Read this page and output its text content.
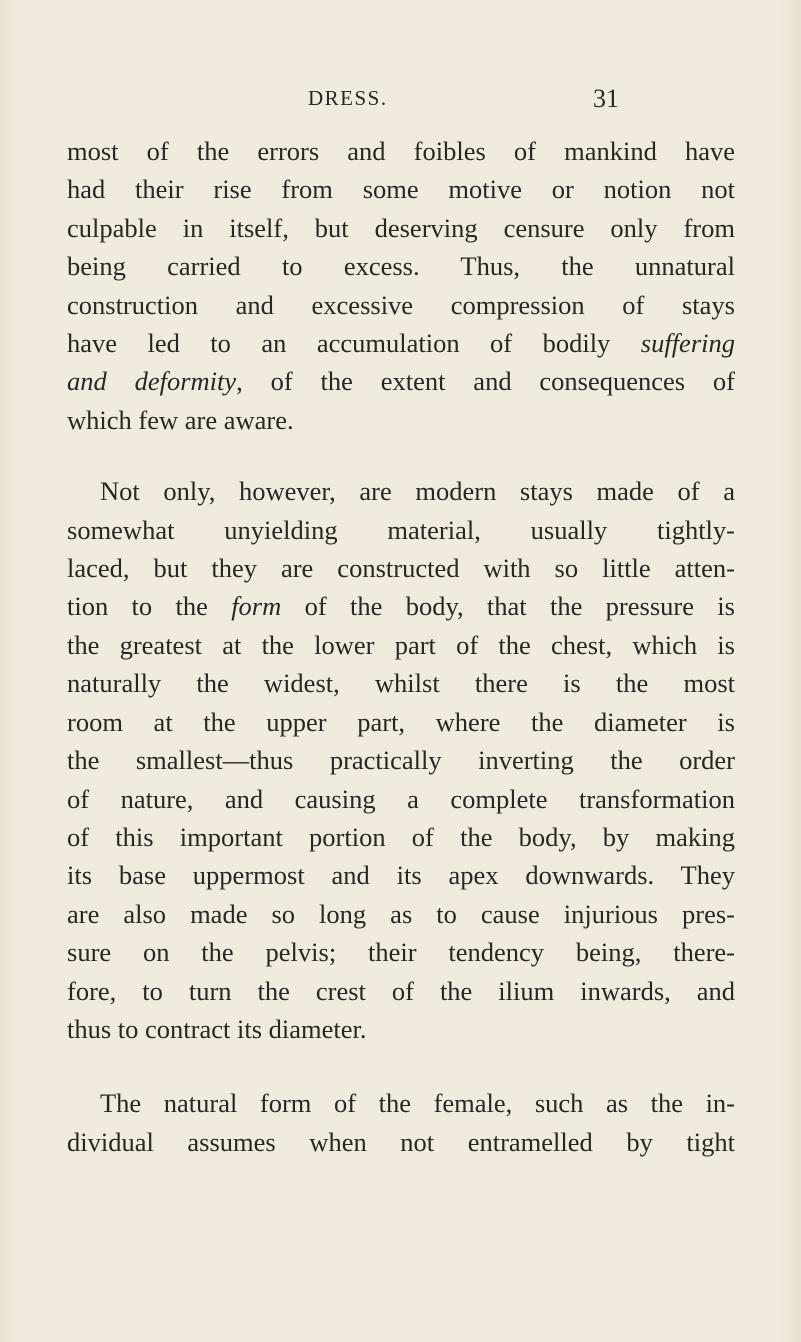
DRESS.	31
most of the errors and foibles of mankind have
had their rise from some motive or notion not
culpable in itself, but deserving censure only from
being carried to excess. Thus, the unnatural
construction and excessive compression of stays
have led to an accumulation of bodily suffering
and deformity, of the extent and consequences of
which few are aware.
Not only, however, are modern stays made of a
somewhat unyielding material, usually tightly-
laced, but they are constructed with so little atten-
tion to the form of the body, that the pressure is
the greatest at the lower part of the chest, which is
naturally the widest, whilst there is the most
room at the upper part, where the diameter is
the smallest—thus practically inverting the order
of nature, and causing a complete transformation
of this important portion of the body, by making
its base uppermost and its apex downwards. They
are also made so long as to cause injurious pres-
sure on the pelvis; their tendency being, there-
fore, to turn the crest of the ilium inwards, and
thus to contract its diameter.
The natural form of the female, such as the in-
dividual assumes when not entramelled by tight
